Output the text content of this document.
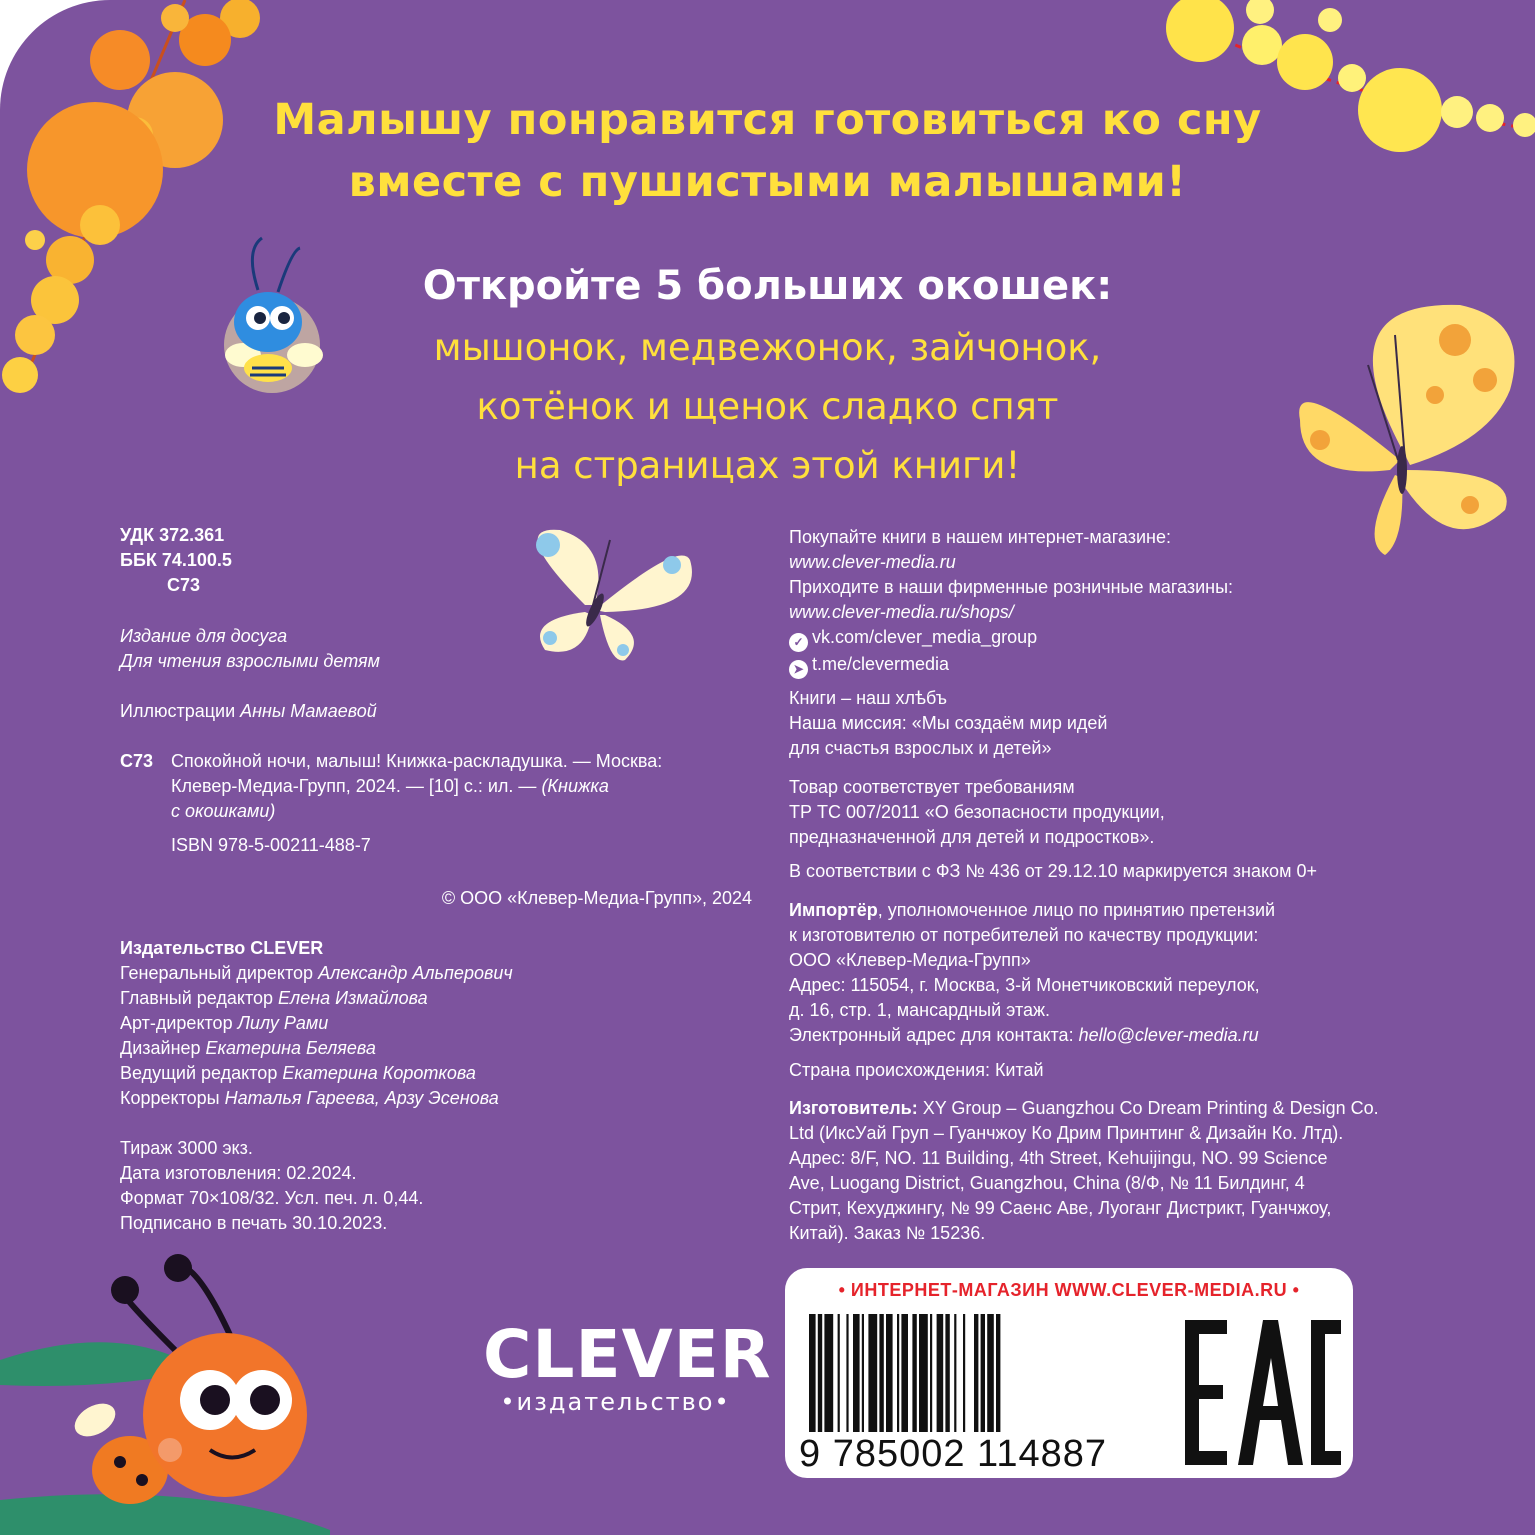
Малышу понравится готовиться ко сну
вместе с пушистыми малышами!
Откройте 5 больших окошек:
мышонок, медвежонок, зайчонок,
котёнок и щенок сладко спят
на страницах этой книги!
УДК 372.361
ББК 74.100.5
С73
Издание для досуга
Для чтения взрослыми детям
Иллюстрации Анны Мамаевой
С73 Спокойной ночи, малыш! Книжка-раскладушка. — Москва:
Клевер-Медиа-Групп, 2024. — [10] с.: ил. — (Книжка
с окошками)
ISBN 978-5-00211-488-7
© ООО «Клевер-Медиа-Групп», 2024
Издательство CLEVER
Генеральный директор Александр Альперович
Главный редактор Елена Измайлова
Арт-директор Лилу Рами
Дизайнер Екатерина Беляева
Ведущий редактор Екатерина Короткова
Корректоры Наталья Гареева, Арзу Эсенова
Тираж 3000 экз.
Дата изготовления: 02.2024.
Формат 70×108/32. Усл. печ. л. 0,44.
Подписано в печать 30.10.2023.
Покупайте книги в нашем интернет-магазине:
www.clever-media.ru
Приходите в наши фирменные розничные магазины:
www.clever-media.ru/shops/
✓ vk.com/clever_media_group
➤ t.me/clevermedia
Книги – наш хлѣбъ
Наша миссия: «Мы создаём мир идей
для счастья взрослых и детей»
Товар соответствует требованиям
ТР ТС 007/2011 «О безопасности продукции,
предназначенной для детей и подростков».
В соответствии с ФЗ № 436 от 29.12.10 маркируется знаком 0+
Импортёр, уполномоченное лицо по принятию претензий
к изготовителю от потребителей по качеству продукции:
ООО «Клевер-Медиа-Групп»
Адрес: 115054, г. Москва, 3-й Монетчиковский переулок,
д. 16, стр. 1, мансардный этаж.
Электронный адрес для контакта: hello@clever-media.ru
Страна происхождения: Китай
Изготовитель: XY Group – Guangzhou Co Dream Printing & Design Co.
Ltd (ИксУай Груп – Гуанчжоу Ко Дрим Принтинг & Дизайн Ко. Лтд).
Адрес: 8/F, NO. 11 Building, 4th Street, Kehuijingu, NO. 99 Science
Ave, Luogang District, Guangzhou, China (8/Ф, № 11 Билдинг, 4
Стрит, Кехуджингу, № 99 Саенс Аве, Луоганг Дистрикт, Гуанчжоу,
Китай). Заказ № 15236.
CLEVER
•издательство•
• ИНТЕРНЕТ-МАГАЗИН WWW.CLEVER-MEDIA.RU •
9 785002 114887
